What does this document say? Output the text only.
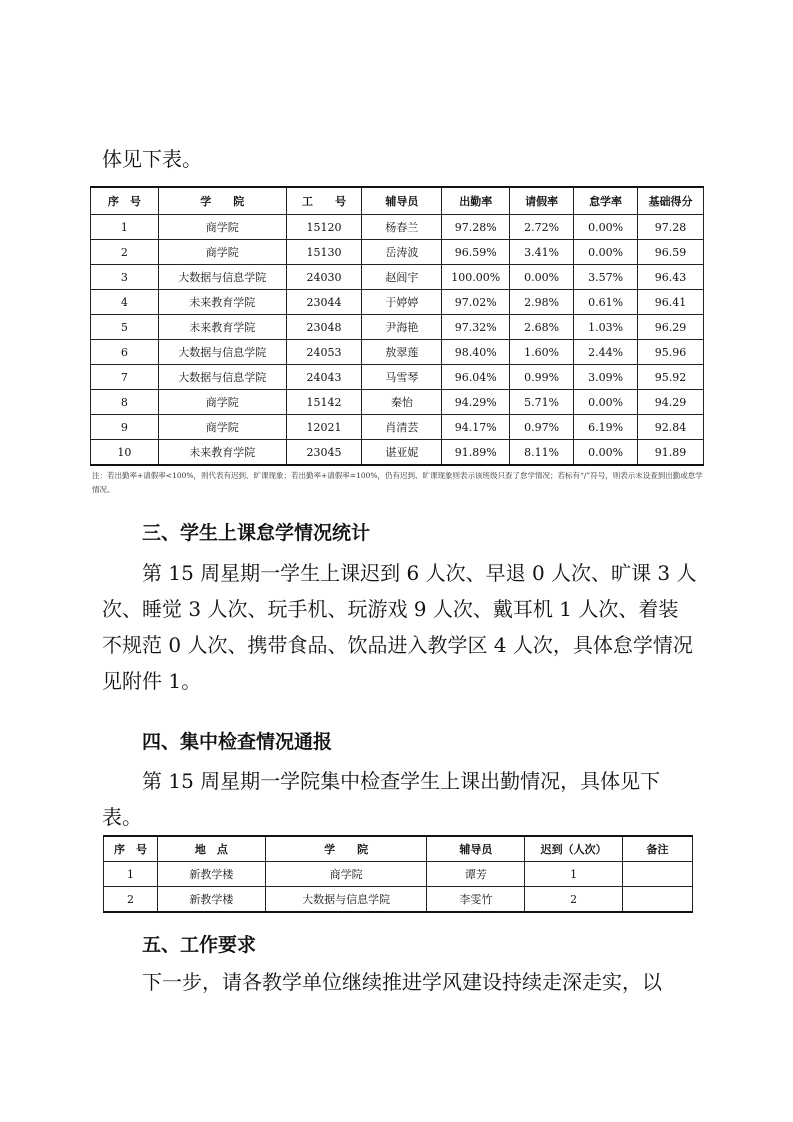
体见下表。

序　号	学　　院	工　　号	辅导员	出勤率	请假率	怠学率	基础得分
1	商学院	15120	杨春兰	97.28%	2.72%	0.00%	97.28
2	商学院	15130	岳涛波	96.59%	3.41%	0.00%	96.59
3	大数据与信息学院	24030	赵闾宇	100.00%	0.00%	3.57%	96.43
4	未来教育学院	23044	于婷婷	97.02%	2.98%	0.61%	96.41
5	未来教育学院	23048	尹海艳	97.32%	2.68%	1.03%	96.29
6	大数据与信息学院	24053	敖翠莲	98.40%	1.60%	2.44%	95.96
7	大数据与信息学院	24043	马雪琴	96.04%	0.99%	3.09%	95.92
8	商学院	15142	秦怡	94.29%	5.71%	0.00%	94.29
9	商学院	12021	肖清芸	94.17%	0.97%	6.19%	92.84
10	未来教育学院	23045	谌亚妮	91.89%	8.11%	0.00%	91.89

注：若出勤率+请假率<100%，则代表有迟到、旷课现象；若出勤率+请假率=100%，仍有迟到、旷课现象则表示该班级只查了怠学情况；若标有“/”符号，则表示未设查到出勤或怠学情况。

三、学生上课怠学情况统计

第 15 周星期一学生上课迟到 6 人次、早退 0 人次、旷课 3 人次、睡觉 3 人次、玩手机、玩游戏 9 人次、戴耳机 1 人次、着装不规范 0 人次、携带食品、饮品进入教学区 4 人次，具体怠学情况见附件 1。

四、集中检查情况通报

第 15 周星期一学院集中检查学生上课出勤情况，具体见下表。

序　号	地　点	学　　院	辅导员	迟到（人次）	备注
1	新教学楼	商学院	谭芳	1	
2	新教学楼	大数据与信息学院	李雯竹	2	

五、工作要求

下一步，请各教学单位继续推进学风建设持续走深走实，以
